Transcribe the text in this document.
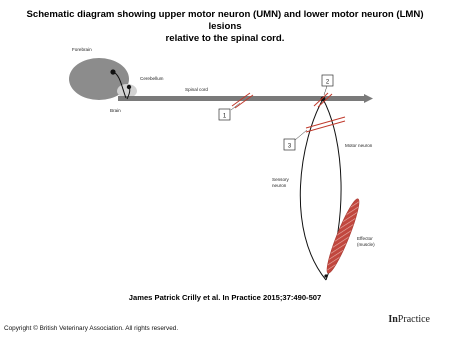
Schematic diagram showing upper motor neuron (UMN) and lower motor neuron (LMN) lesions
relative to the spinal cord.
Forebrain
Cerebellum
Brain
Spinal cord
1
2
3	Motor neuron
Sensory
neuron
Effector
(muscle)
James Patrick Crilly et al. In Practice 2015;37:490-507
Copyright © British Veterinary Association. All rights reserved.
InPractice
